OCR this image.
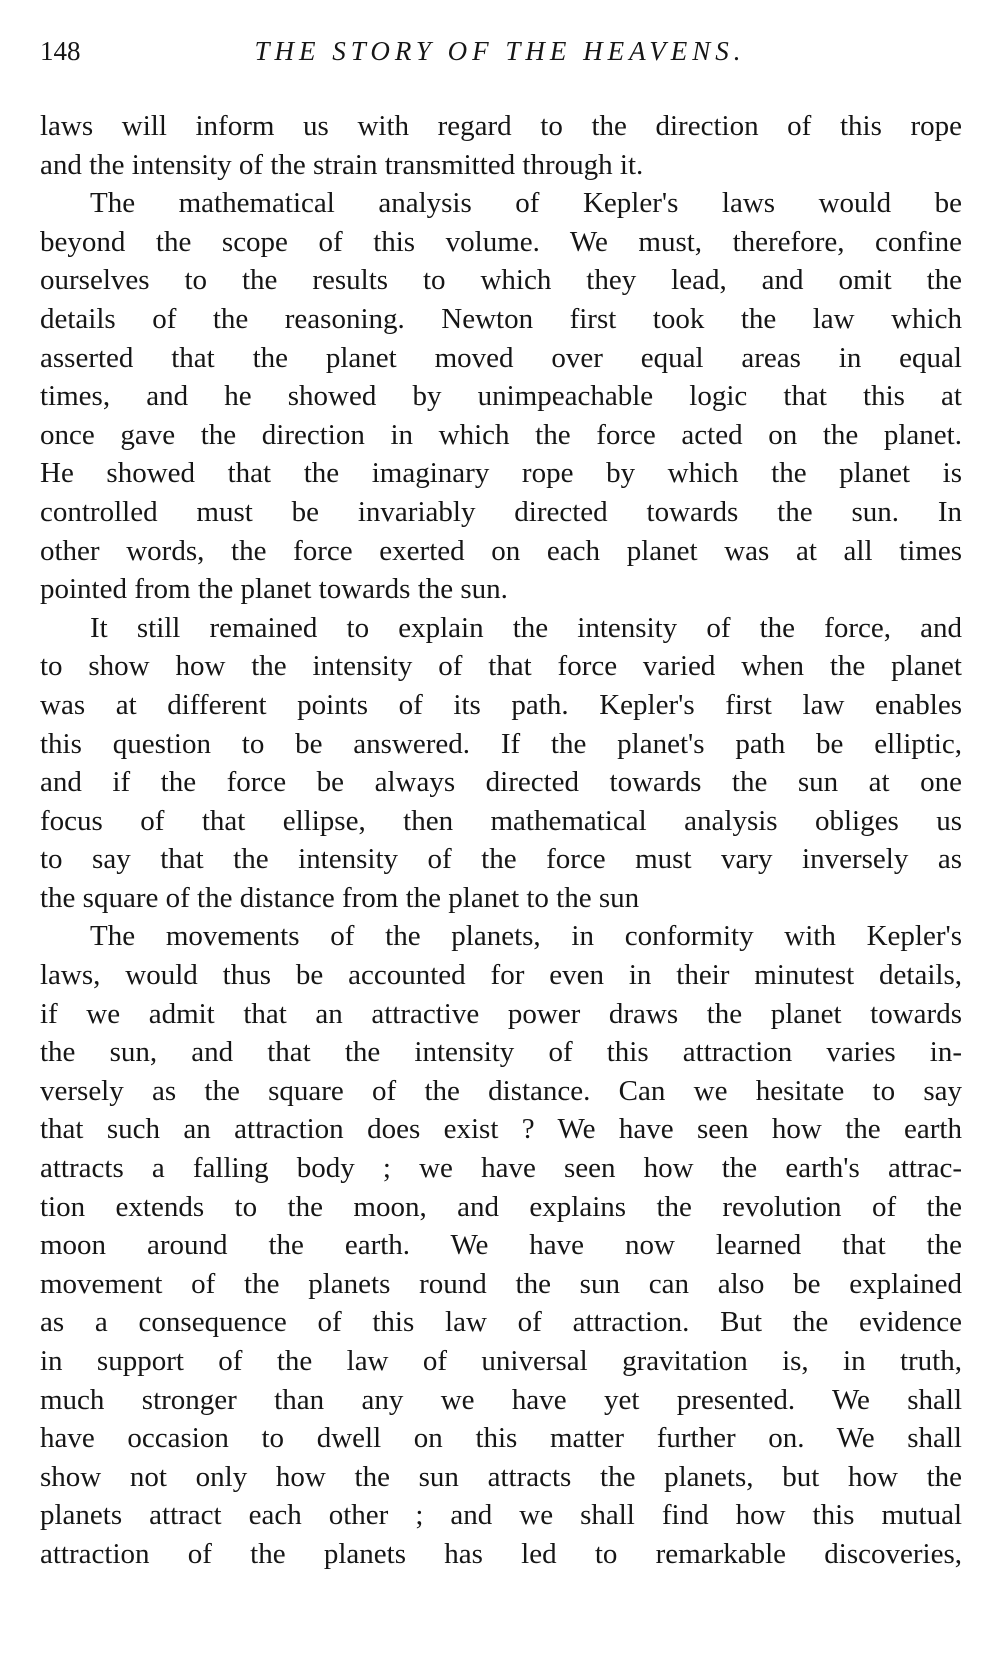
148	THE STORY OF THE HEAVENS.
laws will inform us with regard to the direction of this rope
and the intensity of the strain transmitted through it.
The mathematical analysis of Kepler's laws would be
beyond the scope of this volume. We must, therefore, confine
ourselves to the results to which they lead, and omit the
details of the reasoning. Newton first took the law which
asserted that the planet moved over equal areas in equal
times, and he showed by unimpeachable logic that this at
once gave the direction in which the force acted on the planet.
He showed that the imaginary rope by which the planet is
controlled must be invariably directed towards the sun. In
other words, the force exerted on each planet was at all times
pointed from the planet towards the sun.
It still remained to explain the intensity of the force, and
to show how the intensity of that force varied when the planet
was at different points of its path. Kepler's first law enables
this question to be answered. If the planet's path be elliptic,
and if the force be always directed towards the sun at one
focus of that ellipse, then mathematical analysis obliges us
to say that the intensity of the force must vary inversely as
the square of the distance from the planet to the sun
The movements of the planets, in conformity with Kepler's
laws, would thus be accounted for even in their minutest details,
if we admit that an attractive power draws the planet towards
the sun, and that the intensity of this attraction varies in-
versely as the square of the distance. Can we hesitate to say
that such an attraction does exist ? We have seen how the earth
attracts a falling body ; we have seen how the earth's attrac-
tion extends to the moon, and explains the revolution of the
moon around the earth. We have now learned that the
movement of the planets round the sun can also be explained
as a consequence of this law of attraction. But the evidence
in support of the law of universal gravitation is, in truth,
much stronger than any we have yet presented. We shall
have occasion to dwell on this matter further on. We shall
show not only how the sun attracts the planets, but how the
planets attract each other ; and we shall find how this mutual
attraction of the planets has led to remarkable discoveries,
